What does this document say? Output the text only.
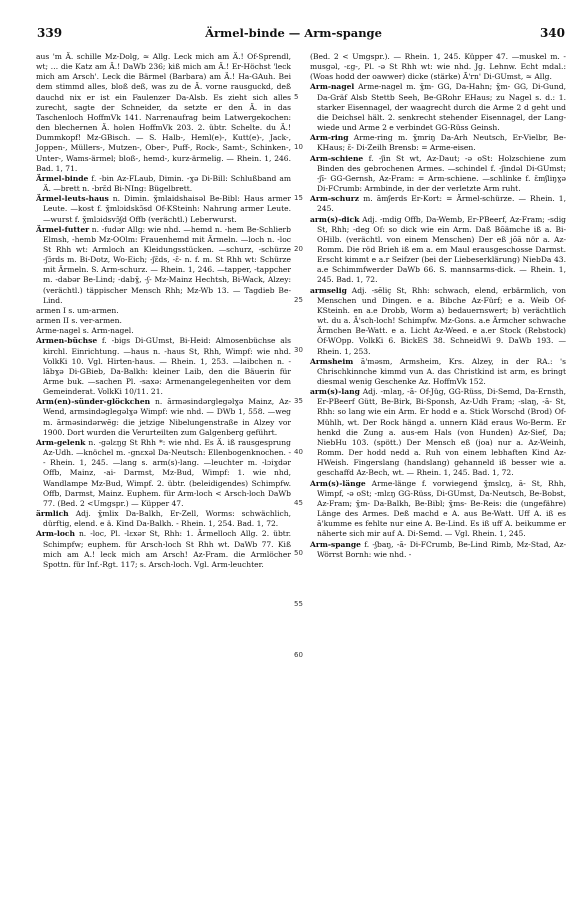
339	Ärmel-binde — Arm-spange	340
5
10
15
20
25
30
35
40
45
50
55
60

aus 'm Ä. schille Mz-Dolg, ≃ Allg. Leck mich am Ä.! Of-Sprendl, wt; … die Katz am Ä.! DaWb 236; kiß mich am Ä.! Er-Höchst 'leck mich am Arsch'. Leck die Bärmel (Barbara) am Ä.! Ha-GAuh. Bei dem stimmd alles, bloß deß, was zu de Ä. vorne rausguckd, deß dauchd nix er ist ein Faulenzer Da-Alsb. Es zieht sich alles zurecht, sagte der Schneider, da setzte er den Ä. in das Taschenloch HoffmVk 141. Narrenaufrag beim Latwergekochen: den blechernen Ä. holen HoffmVk 203. 2. übtr. Schelte. du Ä.! Dummkopf! Mz-GBisch. — S. Halb-, Heml(e)-, Kutt(e)-, Jack-, Joppen-, Müllers-, Mutzen-, Ober-, Puff-, Rock-, Samt-, Schinken-, Unter-, Wams-ärmel; bloß-, hemd-, kurz-ärmelig. — Rhein. 1, 246. Bad. 1, 71.

Ärmel-binde f. -bin Az-FLaub, Dimin. -ɣə Di-Bill: Schlußband am Ä. —brett n. -brɛ̄d Bi-NIng: Bügelbrett.

Ärmel-leuts-haus n. Dimin. ɣ̄mlaidshaisəl Be-Bibl: Haus armer Leute. —kost f. ɣ̄mlɔidskɔ̄sd Of-KSteinh: Nahrung armer Leute. —wurst f. ɣ̄mlɔidsvɔ̄ʃd Offb (verächtl.) Leberwurst.

Ärmel-futter n. -fudər Allg: wie nhd. —hemd n. -hem Be-Schlierb Elmsh, -hemb Mz-OOlm: Frauenhemd mit Ärmeln. —loch n. -loc St Rhh wt: Armloch an Kleidungsstücken. —schurz, -schürze -ʃɔ̄rds m. Bi-Dotz, Wo-Eich; -ʃɛ̄ds, -ɛ̄- n. f. m. St Rhh wt: Schürze mit Ärmeln. S. Arm-schurz. — Rhein. 1, 246. —tapper, -tappcher m. -dabər Be-Lind; -dabɣ̄, -ʃ- Mz-Mainz Hechtsh, Bi-Wack, Alzey: (verächtl.) täppischer Mensch Rhh; Mz-Wb 13. — Tagdieb Be-Lind.

armen I s. um-armen.

armen II s. ver-armen.

Arme-nagel s. Arm-nagel.

Armen-büchse f. -bigs Di-GUmst, Bi-Heid: Almosenbüchse als kirchl. Einrichtung. —haus n. -haus St, Rhh, Wimpf: wie nhd. VolkKi 10. Vgl. Hirten-haus. — Rhein. 1, 253. —laibchen n. -lābɣə Di-GBieb, Da-Balkh: kleiner Laib, den die Bäuerin für Arme buk. —sachen Pl. -saxə: Armenangelegenheiten vor dem Gemeinderat. VolkKi 10/11. 21.

Arm(en)-sünder-glöckchen n. ārməsindərglegəlɣə Mainz, Az-Wend, armsindəglegəlɣə Wimpf: wie nhd. — DWb 1, 558. —weg m. ārməsindərwēg: die jetzige Nibelungenstraße in Alzey vor 1900. Dort wurden die Verurteilten zum Galgenberg geführt.

Arm-gelenk n. -gəlɛŋg St Rhh *: wie nhd. Es Ä. iß rausgesprung Az-Udh. —knöchel m. -gnɛxəl Da-Neutsch: Ellenbogenknochen. - - Rhein. 1, 245. —lang s. arm(s)-lang. —leuchter m. -lɔiɣdər Offb, Mainz, -ai- Darmst, Mz-Bud, Wimpf: 1. wie nhd, Wandlampe Mz-Bud, Wimpf. 2. übtr. (beleidigendes) Schimpfw. Offb, Darmst, Mainz. Euphem. für Arm-loch < Arsch-loch DaWb 77. (Bed. 2 <Umgspr.) — Küpper 47.

ärmlich Adj. ɣ̄mlix Da-Balkh, Er-Zell, Worms: schwächlich, dürftig, elend. e ä. Kind Da-Balkh. - Rhein. 1, 254. Bad. 1, 72.

Arm-loch n. -loc, Pl. -lɛxər St, Rhh: 1. Ärmelloch Allg. 2. übtr. Schimpfw; euphem. für Arsch-loch St Rhh wt. DaWb 77. Kiß mich am A.! leck mich am Arsch! Az-Fram. die Armlöcher Spottn. für Inf.-Rgt. 117; s. Arsch-loch. Vgl. Arm-leuchter.

(Bed. 2 < Umgspr.). — Rhein. 1, 245. Küpper 47. —muskel m. -musgəl, -ɛg-, Pl. -ə St Rhh wt: wie nhd. Jg. Lehnw. Echt mdal.: (Woas hodd der oawwer) dicke (stärke) Ā'rn' Di-GUmst, ≃ Allg.

Arm-nagel Arme-nagel m. ɣ̄m- GG, Da-Hahn; ɣ̄m- GG, Di-Gund, Da-Gräf Alsb Stettb Seeh, Be-GRohr EHaus; zu Nagel s. d.: 1. starker Eisennagel, der waagrecht durch die Arme 2 d geht und die Deichsel hält. 2. senkrecht stehender Eisennagel, der Lang-wiede und Arme 2 e verbindet GG-Rüss Geinsh.

Arm-ring Arme-ring m. ɣ̄mriŋ Da-Arh Neutsch, Er-Vielbr, Be-KHaus; ɛ̄- Di-Zeilh Brensb: = Arme-eisen.

Arm-schiene f. -ʃin St wt, Az-Daut; -ə oSt: Holzschiene zum Binden des gebrochenen Armes. —schindel f. -ʃindəl Di-GUmst; -ʃī- GG-Gernsh, Az-Fram: = Arm-schiene. —schlinke f. ɛ̄mʃliŋɣə Di-FCrumb: Armbinde, in der der verletzte Arm ruht.

Arm-schurz m. āmʃerds Er-Kort: = Ärmel-schürze. — Rhein. 1, 245.

arm(s)-dick Adj. -mdig Offb, Da-Wemb, Er-PBeerf, Az-Fram; -sdig St, Rhh; -deg Of: so dick wie ein Arm. Daß Bōämche iß a. Bi-OHilb. (verächtl. von einem Menschen) Der eß jōā nör a. Az-Romm. Die röd Brieh iß em a. em Maul erausgeschosse Darmst. Erscht kimmt e a.r Seifzer (bei der Liebeserklärung) NiebDa 43. a.e Schimmfwerder DaWb 66. S. mannsarms-dick. — Rhein. 1, 245. Bad. 1, 72.

armselig Adj. -sēliç St, Rhh: schwach, elend, erbärmlich, von Menschen und Dingen. e a. Bibche Az-Fürf; e a. Weib Of-KSteinh. en a.e Drobb, Worm a) bedauernswert; b) verächtlich wt. du a. Ä'sch-loch! Schimpfw. Mz-Gons. a.e Ärmcher schwache Ärmchen Be-Watt. e a. Licht Az-Weed. e a.er Stock (Rebstock) Of-WOpp. VolkKi 6. BickES 38. SchneidWi 9. DaWb 193. — Rhein. 1, 253.

Armsheim ā'məsm, Armsheim, Krs. Alzey, in der RA.: 's Chrischkinnche kimmd vun A. das Christkind ist arm, es bringt diesmal wenig Geschenke Az. HoffmVk 152.

arm(s)-lang Adj. -mlaŋ, -ā- Of-Jüg, GG-Rüss, Di-Semd, Da-Ernsth, Er-PBeerf Gütt, Be-Birk, Bi-Sponsh, Az-Udh Fram; -slaŋ, -ā- St, Rhh: so lang wie ein Arm. Er hodd e a. Stick Worschd (Brod) Of-Mühlh, wt. Der Rock hängd a. unnern Kläd eraus Wo-Berm. Er henkd die Zung a. aus-em Hals (von Hunden) Az-Sief, Da; NiebHu 103. (spött.) Der Mensch eß (joa) nur a. Az-Weinh, Romm. Der hodd nedd a. Ruh von einem lebhaften Kind Az-HWeish. Fingerslang (handslang) gehanneld iß besser wie a. geschaffd Az-Bech, wt. — Rhein. 1, 245. Bad. 1, 72.

Arm(s)-länge Arme-länge f. vorwiegend ɣ̄mslɛŋ, ā- St, Rhh, Wimpf, -ə oSt; -mlɛŋ GG-Rüss, Di-GUmst, Da-Neutsch, Be-Bobst, Az-Fram; ɣ̄m- Da-Balkh, Be-Bibl; ɣ̄ms- Be-Reis: die (ungefähre) Länge des Armes. Deß machd e A. aus Be-Watt. Uff A. iß es ā'kumme es fehlte nur eine A. Be-Lind. Es iß uff A. beikumme er näherte sich mir auf A. Di-Semd. — Vgl. Rhein. 1, 245.

Arm-spange f. -ʃbaŋ, -ā- Di-FCrumb, Be-Lind Rimb, Mz-Stad, Az-Wörrst Bornh: wie nhd. -
